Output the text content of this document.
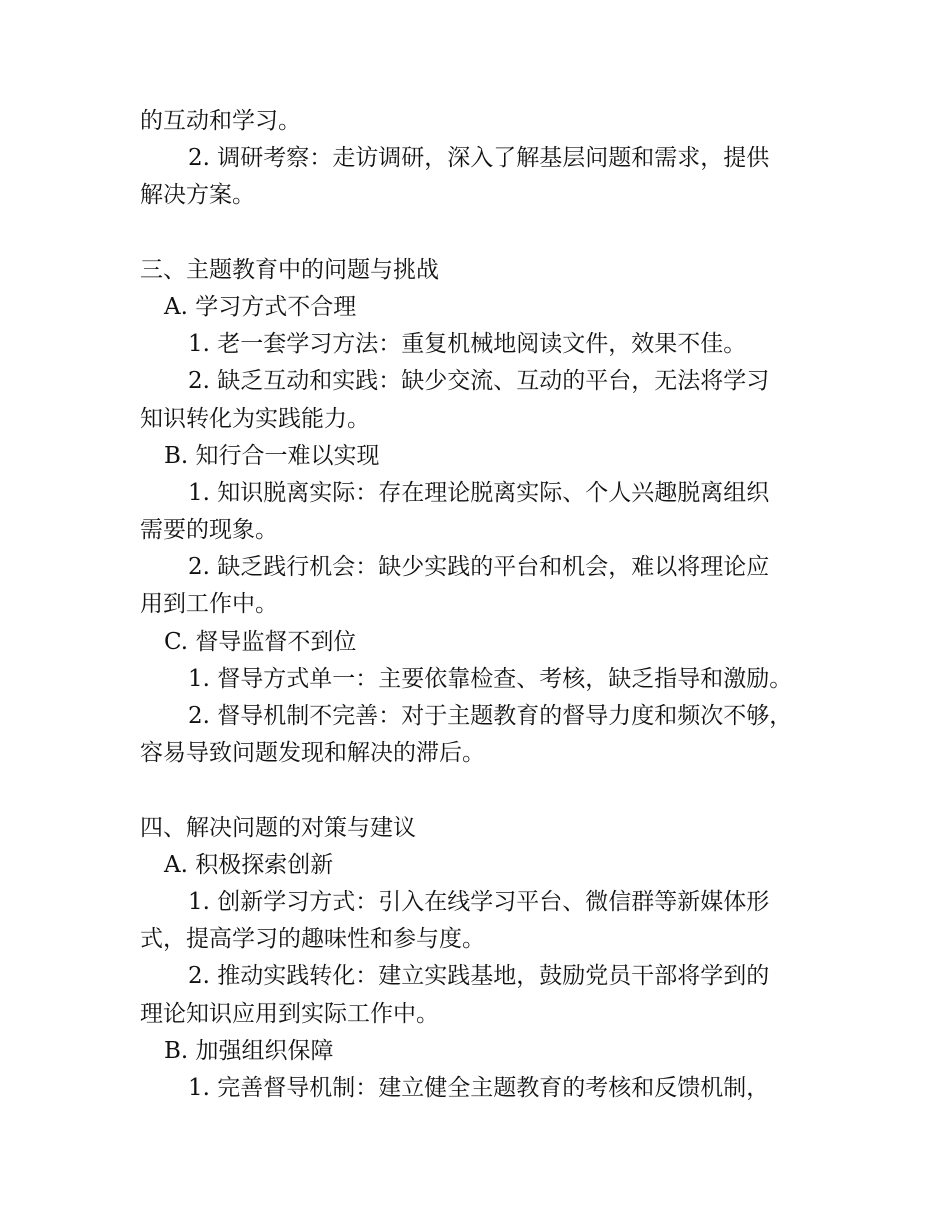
的互动和学习。
2. 调研考察：走访调研，深入了解基层问题和需求，提供
解决方案。
三、主题教育中的问题与挑战
A. 学习方式不合理
1. 老一套学习方法：重复机械地阅读文件，效果不佳。
2. 缺乏互动和实践：缺少交流、互动的平台，无法将学习
知识转化为实践能力。
B. 知行合一难以实现
1. 知识脱离实际：存在理论脱离实际、个人兴趣脱离组织
需要的现象。
2. 缺乏践行机会：缺少实践的平台和机会，难以将理论应
用到工作中。
C. 督导监督不到位
1. 督导方式单一：主要依靠检查、考核，缺乏指导和激励。
2. 督导机制不完善：对于主题教育的督导力度和频次不够，
容易导致问题发现和解决的滞后。
四、解决问题的对策与建议
A. 积极探索创新
1. 创新学习方式：引入在线学习平台、微信群等新媒体形
式，提高学习的趣味性和参与度。
2. 推动实践转化：建立实践基地，鼓励党员干部将学到的
理论知识应用到实际工作中。
B. 加强组织保障
1. 完善督导机制：建立健全主题教育的考核和反馈机制，
